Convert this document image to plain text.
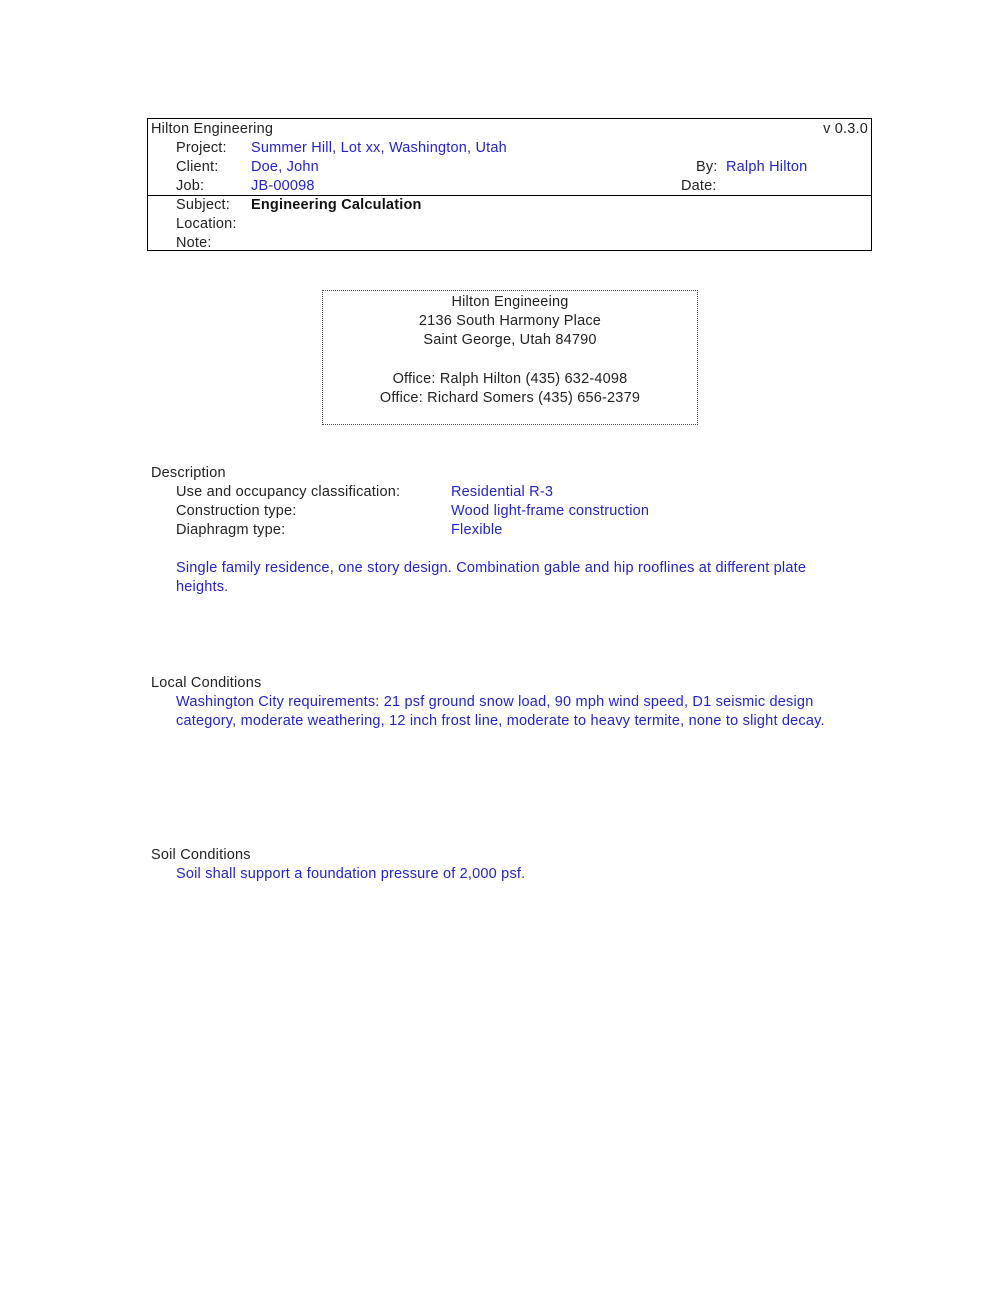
Hilton Engineering	v 0.3.0
Project: Summer Hill, Lot xx, Washington, Utah
Client: Doe, John	By: Ralph Hilton
Job:	JB-00098	Date:
Subject: Engineering Calculation
Location:
Note:
Hilton Engineeing
2136 South Harmony Place
Saint George, Utah 84790
Office: Ralph Hilton (435) 632-4098
Office: Richard Somers (435) 656-2379
Description
Use and occupancy classification:	Residential R-3
Construction type:	Wood light-frame construction
Diaphragm type:	Flexible
Single family residence, one story design. Combination gable and hip rooflines at different plate heights.
Local Conditions
Washington City requirements: 21 psf ground snow load, 90 mph wind speed, D1 seismic design category, moderate weathering, 12 inch frost line, moderate to heavy termite, none to slight decay.
Soil Conditions
Soil shall support a foundation pressure of 2,000 psf.
